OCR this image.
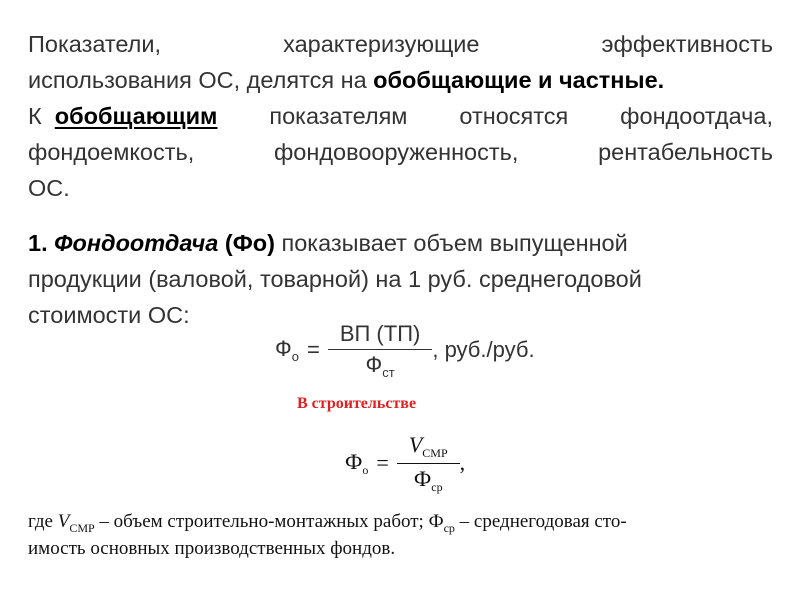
Показатели,	характеризующие	эффективность
использования ОС, делятся на
обобщающие и частные.
К обобщающим показателям относятся фондоотдача,
фондоемкость,	фондовооруженность,	рентабельность
ОС.
1. Фондоотдача (Фо) показывает объем выпущенной
продукции (валовой, товарной) на 1 руб. среднегодовой
стоимости ОС:
$Ф_о = \frac{ВП (ТП)}{Ф_{ст}}$ , руб./руб.
В строительстве
$Ф_о = \frac{V_{СМР}}{Ф_{ср}}$ ,
где $V_{СМР}$ – объем строительно-монтажных работ; $Ф_{ср}$ – среднегодовая сто-
имость основных производственных фондов.
